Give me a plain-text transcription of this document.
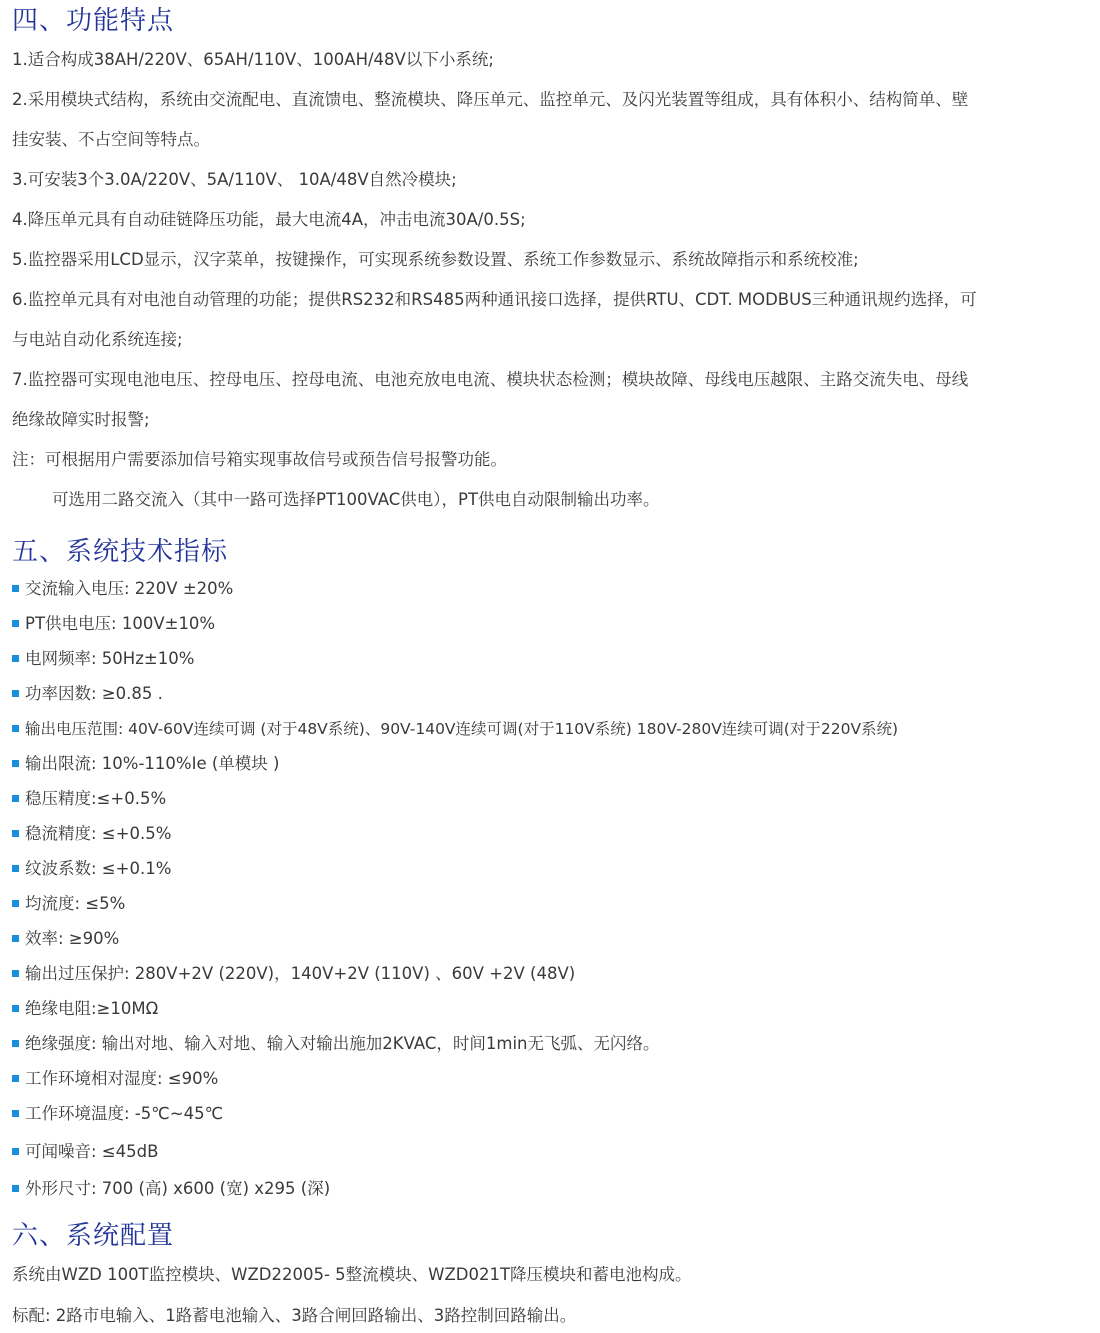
四、功能特点

1.适合构成38AH/220V、65AH/110V、100AH/48V以下小系统;

2.采用模块式结构，系统由交流配电、直流馈电、整流模块、降压单元、监控单元、及闪光装置等组成，具有体积小、结构简单、壁

挂安装、不占空间等特点。

3.可安装3个3.0A/220V、5A/110V、 10A/48V自然冷模块;

4.降压单元具有自动硅链降压功能，最大电流4A，冲击电流30A/0.5S;

5.监控器采用LCD显示，汉字菜单，按键操作，可实现系统参数设置、系统工作参数显示、系统故障指示和系统校准;

6.监控单元具有对电池自动管理的功能；提供RS232和RS485两种通讯接口选择，提供RTU、CDT. MODBUS三种通讯规约选择，可

与电站自动化系统连接;

7.监控器可实现电池电压、控母电压、控母电流、电池充放电电流、模块状态检测；模块故障、母线电压越限、主路交流失电、母线

绝缘故障实时报警;

注：可根据用户需要添加信号箱实现事故信号或预告信号报警功能。

可选用二路交流入（其中一路可选择PT100VAC供电），PT供电自动限制输出功率。

五、系统技术指标
交流输入电压: 220V ±20%
PT供电电压: 100V±10%
电网频率: 50Hz±10%
功率因数: ≥0.85 .
输出电压范围: 40V-60V连续可调 (对于48V系统)、90V-140V连续可调(对于110V系统) 180V-280V连续可调(对于220V系统)
输出限流: 10%-110%Ie (单模块 )
稳压精度:≤+0.5%
稳流精度: ≤+0.5%
纹波系数: ≤+0.1%
均流度: ≤5%
效率: ≥90%
输出过压保护: 280V+2V (220V)，140V+2V (110V) 、60V +2V (48V)
绝缘电阻:≥10MΩ
绝缘强度: 输出对地、输入对地、输入对输出施加2KVAC，时间1min无飞弧、无闪络。
工作环境相对湿度: ≤90%
工作环境温度: -5℃~45℃
可闻噪音: ≤45dB
外形尺寸: 700 (高) x600 (宽) x295 (深)
六、系统配置

系统由WZD 100T监控模块、WZD22005- 5整流模块、WZD021T降压模块和蓄电池构成。

标配: 2路市电输入、1路蓄电池输入、3路合闸回路输出、3路控制回路输出。
